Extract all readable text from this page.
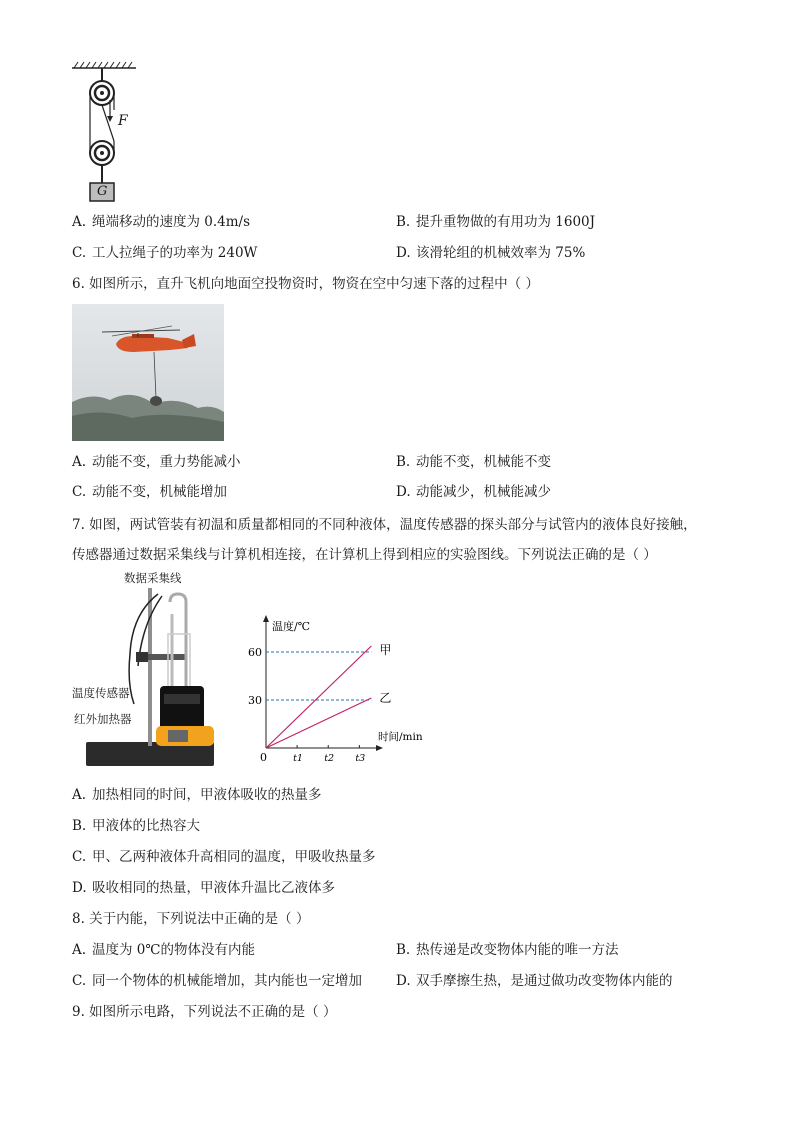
F
G
A. 绳端移动的速度为 0.4m/s	B. 提升重物做的有用功为 1600J
C. 工人拉绳子的功率为 240W	D. 该滑轮组的机械效率为 75%
6. 如图所示，直升飞机向地面空投物资时，物资在空中匀速下落的过程中（ ）
A. 动能不变，重力势能减小	B. 动能不变，机械能不变
C. 动能不变，机械能增加	D. 动能减少，机械能减少
7. 如图，两试管装有初温和质量都相同的不同种液体，温度传感器的探头部分与试管内的液体良好接触，
传感器通过数据采集线与计算机相连接，在计算机上得到相应的实验图线。下列说法正确的是（ ）
数据采集线
温度传感器
红外加热器
温度/℃
时间/min
60
30
0	t1 t2 t3
甲
乙
A. 加热相同的时间，甲液体吸收的热量多
B. 甲液体的比热容大
C. 甲、乙两种液体升高相同的温度，甲吸收热量多
D. 吸收相同的热量，甲液体升温比乙液体多
8. 关于内能，下列说法中正确的是（ ）
A. 温度为 0℃的物体没有内能	B. 热传递是改变物体内能的唯一方法
C. 同一个物体的机械能增加，其内能也一定增加	D. 双手摩擦生热，是通过做功改变物体内能的
9. 如图所示电路，下列说法不正确的是（ ）
